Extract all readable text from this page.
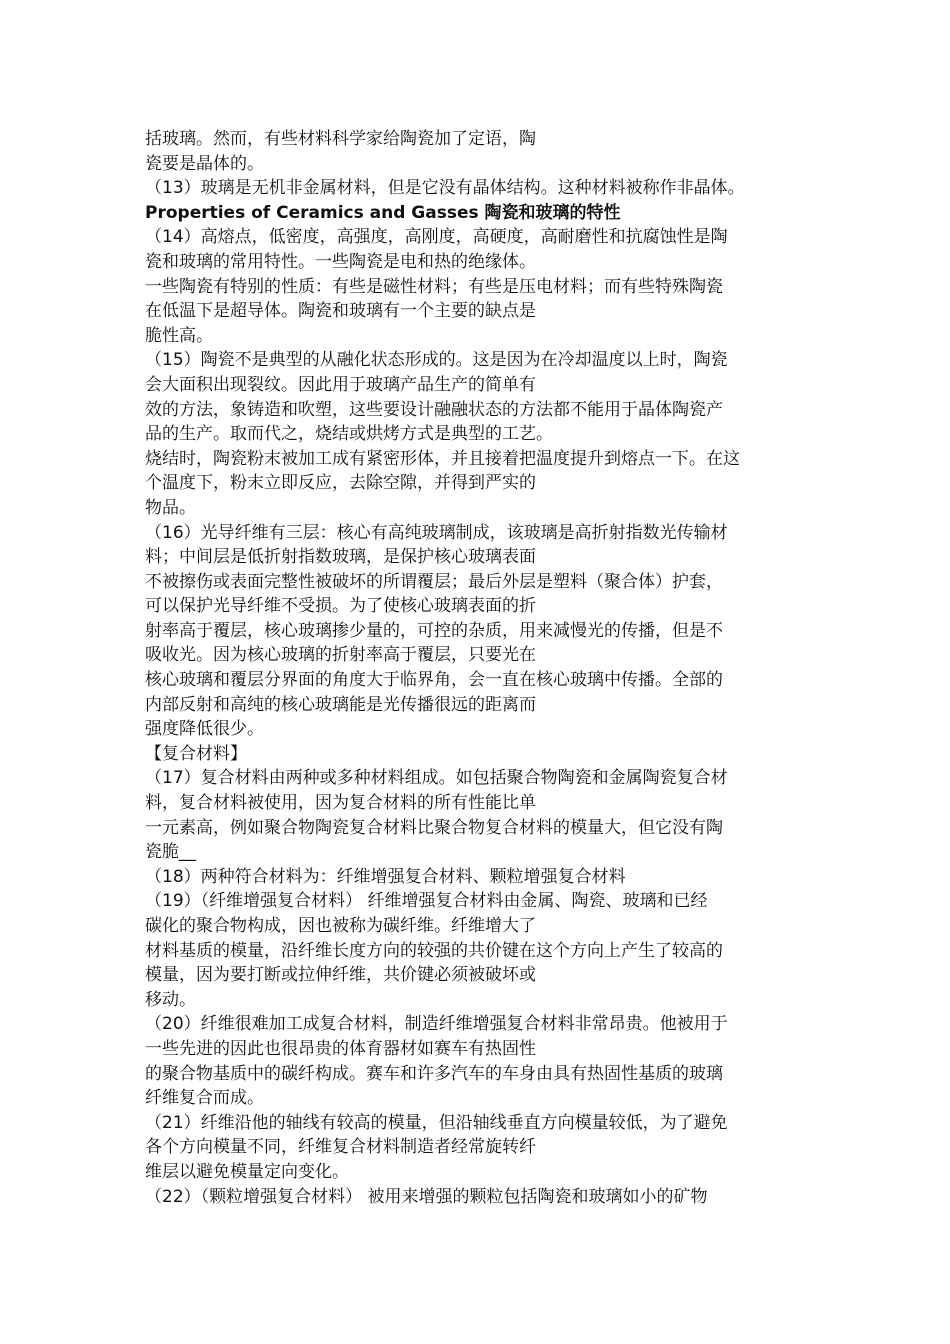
括玻璃。然而，有些材料科学家给陶瓷加了定语，陶
瓷要是晶体的。
（13）玻璃是无机非金属材料，但是它没有晶体结构。这种材料被称作非晶体。
Properties of Ceramics and Gasses 陶瓷和玻璃的特性
（14）高熔点，低密度，高强度，高刚度，高硬度，高耐磨性和抗腐蚀性是陶
瓷和玻璃的常用特性。一些陶瓷是电和热的绝缘体。
一些陶瓷有特别的性质：有些是磁性材料；有些是压电材料；而有些特殊陶瓷
在低温下是超导体。陶瓷和玻璃有一个主要的缺点是
脆性高。
（15）陶瓷不是典型的从融化状态形成的。这是因为在冷却温度以上时，陶瓷
会大面积出现裂纹。因此用于玻璃产品生产的简单有
效的方法，象铸造和吹塑，这些要设计融融状态的方法都不能用于晶体陶瓷产
品的生产。取而代之，烧结或烘烤方式是典型的工艺。
烧结时，陶瓷粉末被加工成有紧密形体，并且接着把温度提升到熔点一下。在这
个温度下，粉末立即反应，去除空隙，并得到严实的
物品。
（16）光导纤维有三层：核心有高纯玻璃制成，该玻璃是高折射指数光传输材
料；中间层是低折射指数玻璃，是保护核心玻璃表面
不被擦伤或表面完整性被破坏的所谓覆层；最后外层是塑料（聚合体）护套，
可以保护光导纤维不受损。为了使核心玻璃表面的折
射率高于覆层，核心玻璃掺少量的，可控的杂质，用来减慢光的传播，但是不
吸收光。因为核心玻璃的折射率高于覆层，只要光在
核心玻璃和覆层分界面的角度大于临界角，会一直在核心玻璃中传播。全部的
内部反射和高纯的核心玻璃能是光传播很远的距离而
强度降低很少。
【复合材料】
（17）复合材料由两种或多种材料组成。如包括聚合物陶瓷和金属陶瓷复合材
料，复合材料被使用，因为复合材料的所有性能比单
一元素高，例如聚合物陶瓷复合材料比聚合物复合材料的模量大，但它没有陶
瓷脆__
（18）两种符合材料为：纤维增强复合材料、颗粒增强复合材料
（19）（纤维增强复合材料） 纤维增强复合材料由金属、陶瓷、玻璃和已经
碳化的聚合物构成，因也被称为碳纤维。纤维增大了
材料基质的模量，沿纤维长度方向的较强的共价键在这个方向上产生了较高的
模量，因为要打断或拉伸纤维，共价键必须被破坏或
移动。
（20）纤维很难加工成复合材料，制造纤维增强复合材料非常昂贵。他被用于
一些先进的因此也很昂贵的体育器材如赛车有热固性
的聚合物基质中的碳纤构成。赛车和许多汽车的车身由具有热固性基质的玻璃
纤维复合而成。
（21）纤维沿他的轴线有较高的模量，但沿轴线垂直方向模量较低，为了避免
各个方向模量不同，纤维复合材料制造者经常旋转纤
维层以避免模量定向变化。
（22）（颗粒增强复合材料） 被用来增强的颗粒包括陶瓷和玻璃如小的矿物
